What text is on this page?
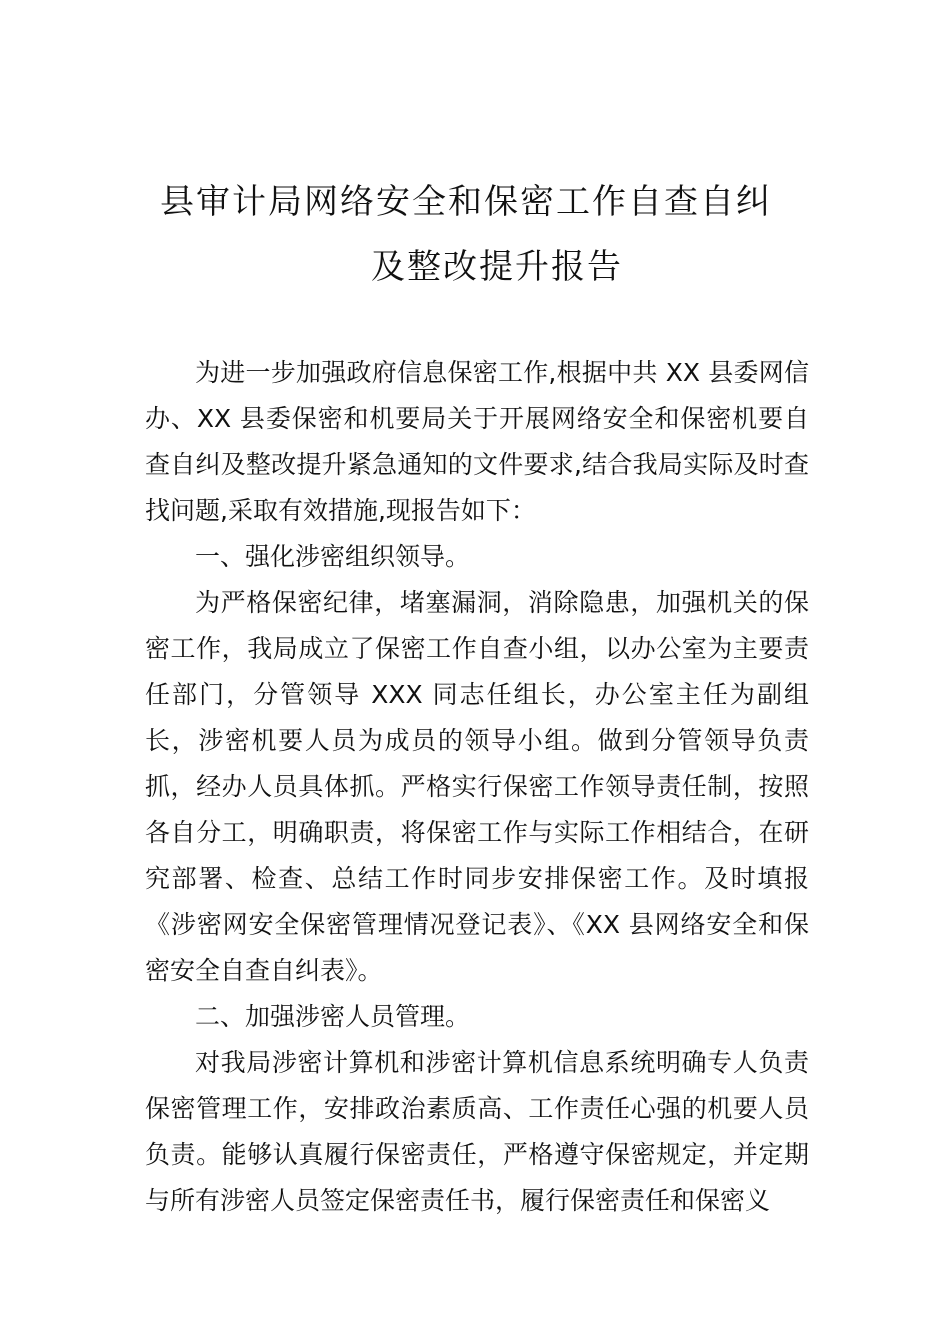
县审计局网络安全和保密工作自查自纠
及整改提升报告

为进一步加强政府信息保密工作,根据中共 XX 县委网信办、XX 县委保密和机要局关于开展网络安全和保密机要自查自纠及整改提升紧急通知的文件要求,结合我局实际及时查找问题,采取有效措施,现报告如下：

一、强化涉密组织领导。

为严格保密纪律，堵塞漏洞，消除隐患，加强机关的保密工作，我局成立了保密工作自查小组，以办公室为主要责任部门，分管领导 XXX 同志任组长，办公室主任为副组长，涉密机要人员为成员的领导小组。做到分管领导负责抓，经办人员具体抓。严格实行保密工作领导责任制，按照各自分工，明确职责，将保密工作与实际工作相结合，在研究部署、检查、总结工作时同步安排保密工作。及时填报《涉密网安全保密管理情况登记表》、《XX 县网络安全和保密安全自查自纠表》。

二、加强涉密人员管理。

对我局涉密计算机和涉密计算机信息系统明确专人负责保密管理工作，安排政治素质高、工作责任心强的机要人员负责。能够认真履行保密责任，严格遵守保密规定，并定期与所有涉密人员签定保密责任书，履行保密责任和保密义
